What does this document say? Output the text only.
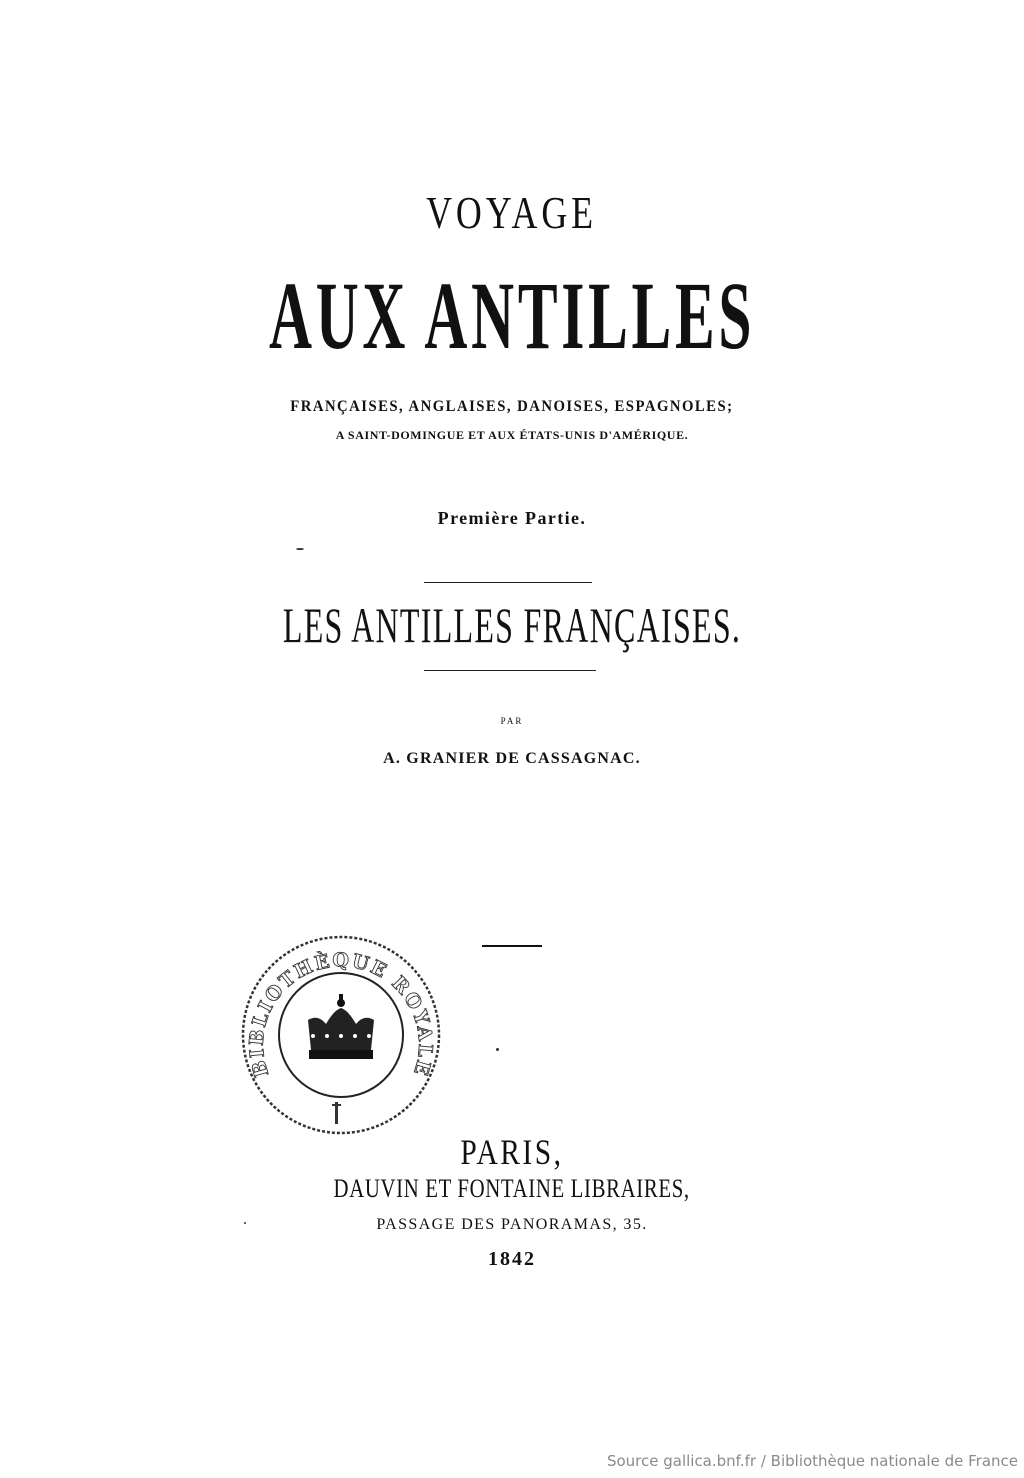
VOYAGE
AUX ANTILLES
FRANÇAISES, ANGLAISES, DANOISES, ESPAGNOLES;
A SAINT-DOMINGUE ET AUX ÉTATS-UNIS D'AMÉRIQUE.
Première Partie.
LES ANTILLES FRANÇAISES.
PAR
A. GRANIER DE CASSAGNAC.
BIBLIOTHÈQUE ROYALE
PARIS,
DAUVIN ET FONTAINE LIBRAIRES,
PASSAGE DES PANORAMAS, 35.
1842
Source gallica.bnf.fr / Bibliothèque nationale de France
